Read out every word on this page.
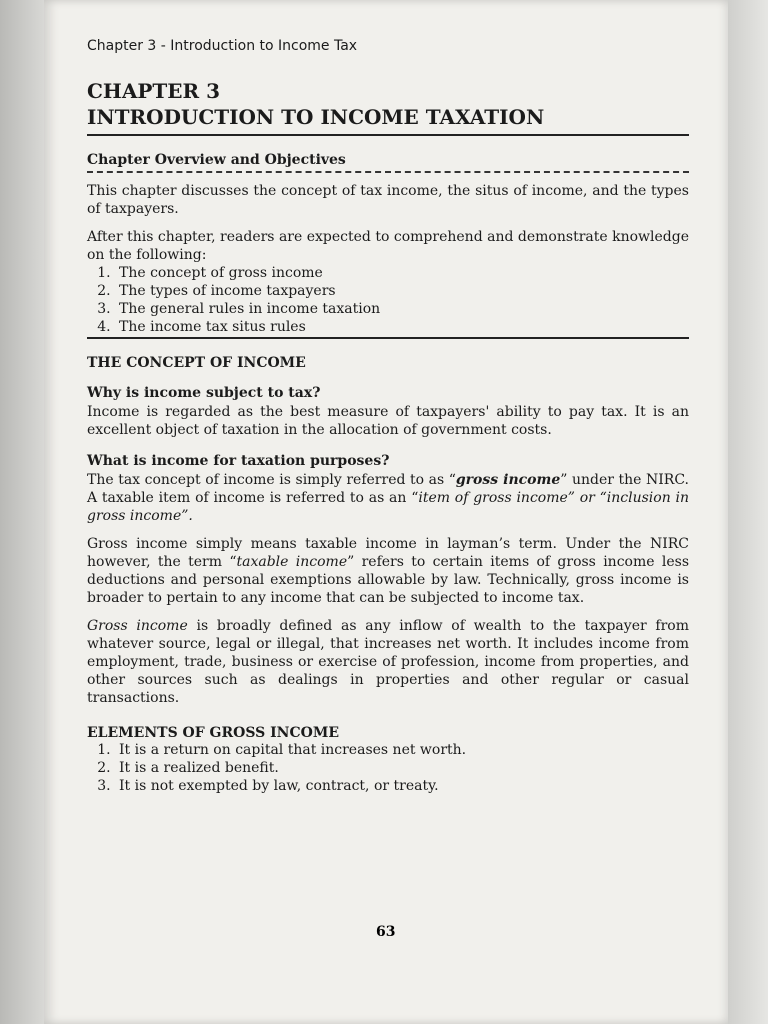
Chapter 3 - Introduction to Income Tax
CHAPTER 3
INTRODUCTION TO INCOME TAXATION
Chapter Overview and Objectives

This chapter discusses the concept of tax income, the situs of income, and the types of taxpayers.

After this chapter, readers are expected to comprehend and demonstrate knowledge on the following:

1. The concept of gross income
2. The types of income taxpayers
3. The general rules in income taxation
4. The income tax situs rules
THE CONCEPT OF INCOME
Why is income subject to tax?

Income is regarded as the best measure of taxpayers' ability to pay tax. It is an excellent object of taxation in the allocation of government costs.

What is income for taxation purposes?

The tax concept of income is simply referred to as “gross income” under the NIRC. A taxable item of income is referred to as an “item of gross income” or “inclusion in gross income”.

Gross income simply means taxable income in layman’s term. Under the NIRC however, the term “taxable income” refers to certain items of gross income less deductions and personal exemptions allowable by law. Technically, gross income is broader to pertain to any income that can be subjected to income tax.

Gross income is broadly defined as any inflow of wealth to the taxpayer from whatever source, legal or illegal, that increases net worth. It includes income from employment, trade, business or exercise of profession, income from properties, and other sources such as dealings in properties and other regular or casual transactions.

ELEMENTS OF GROSS INCOME
1. It is a return on capital that increases net worth.
2. It is a realized benefit.
3. It is not exempted by law, contract, or treaty.
63
